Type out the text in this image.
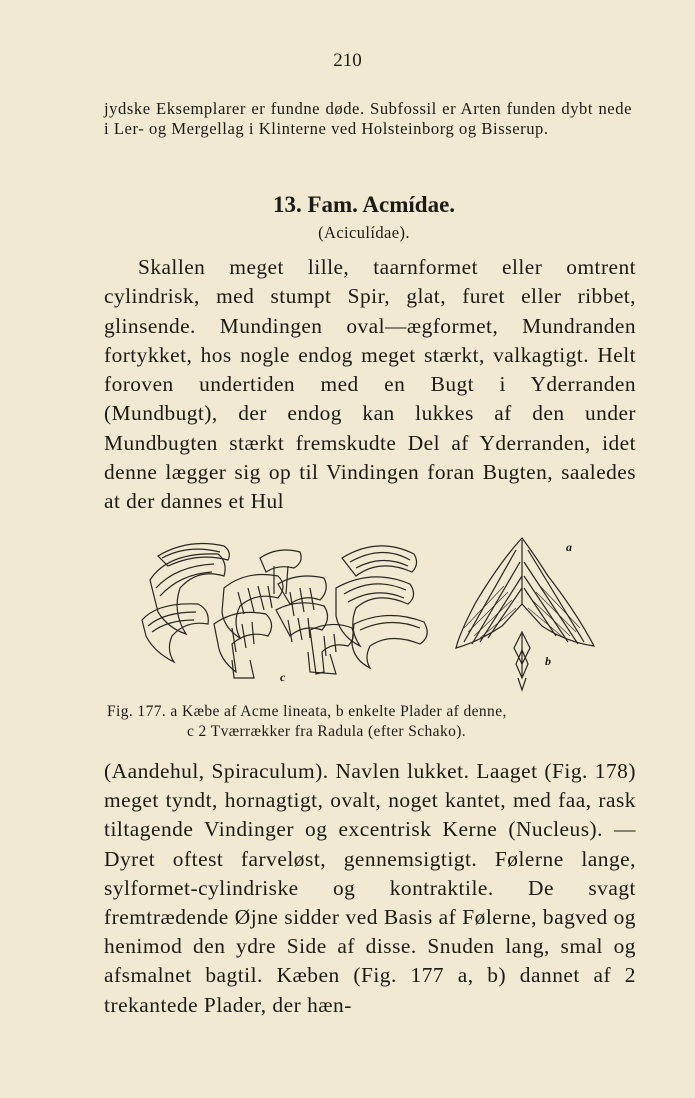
210

jydske Eksemplarer er fundne døde. Subfossil er Arten funden dybt nede i Ler- og Mergellag i Klinterne ved Holsteinborg og Bisserup.

13. Fam. Acmídae.
(Aciculídae).

Skallen meget lille, taarnformet eller omtrent cylindrisk, med stumpt Spir, glat, furet eller ribbet, glinsende. Mundingen oval—ægformet, Mundranden fortykket, hos nogle endog meget stærkt, valkagtigt. Helt foroven undertiden med en Bugt i Yderranden (Mundbugt), der endog kan lukkes af den under Mundbugten stærkt fremskudte Del af Yderranden, idet denne lægger sig op til Vindingen foran Bugten, saaledes at der dannes et Hul

a
b
c

Fig. 177. a Kæbe af Acme lineata, b enkelte Plader af denne,
c 2 Tværrækker fra Radula (efter Schako).

(Aandehul, Spiraculum). Navlen lukket. Laaget (Fig. 178) meget tyndt, hornagtigt, ovalt, noget kantet, med faa, rask tiltagende Vindinger og excentrisk Kerne (Nucleus). — Dyret oftest farveløst, gennemsigtigt. Følerne lange, sylformet-cylindriske og kontraktile. De svagt fremtrædende Øjne sidder ved Basis af Følerne, bagved og henimod den ydre Side af disse. Snuden lang, smal og afsmalnet bagtil. Kæben (Fig. 177 a, b) dannet af 2 trekantede Plader, der hæn-
